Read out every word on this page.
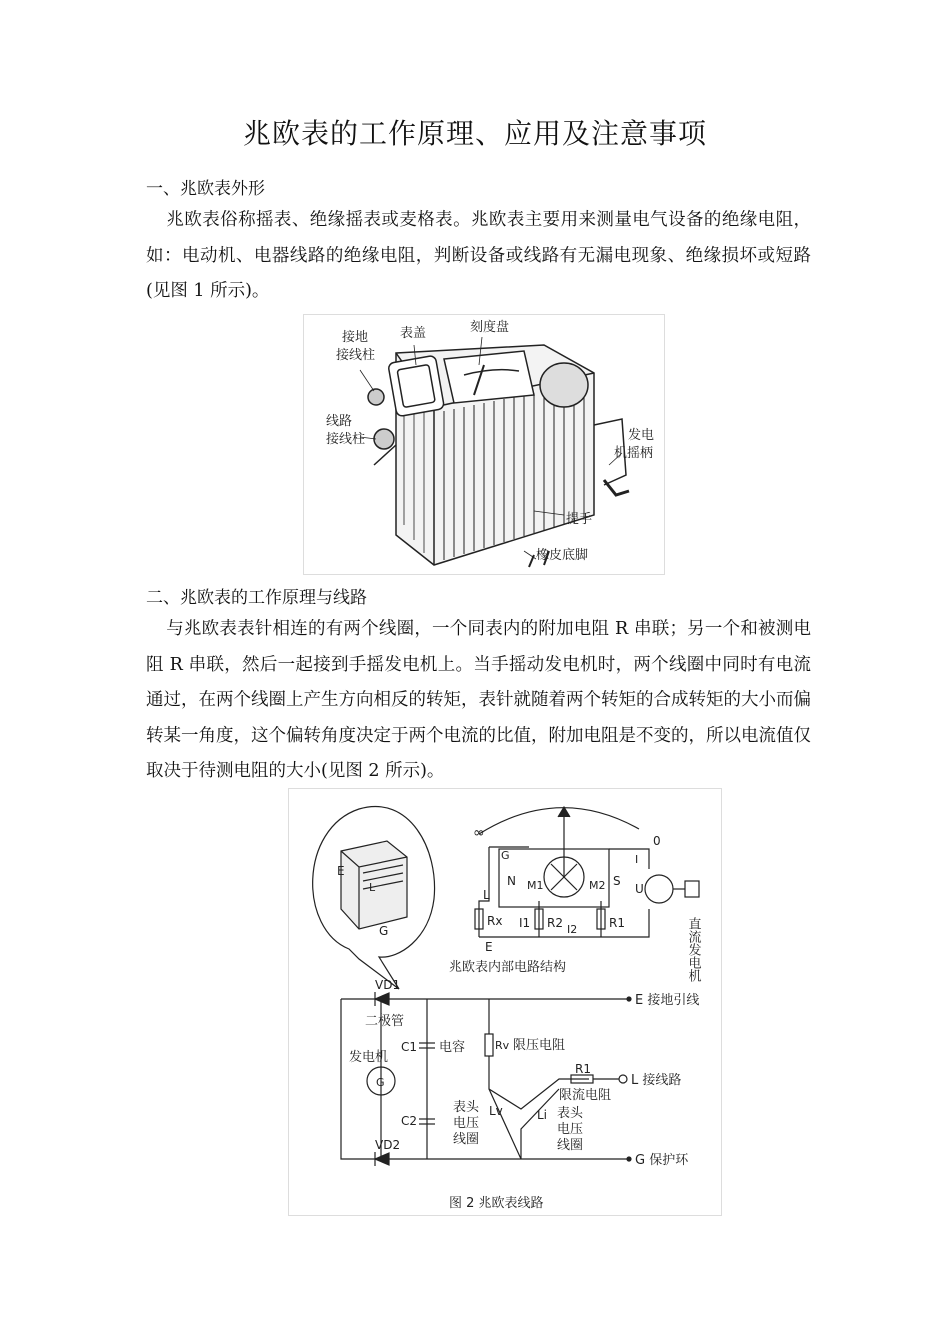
兆欧表的工作原理、应用及注意事项
一、兆欧表外形
兆欧表俗称摇表、绝缘摇表或麦格表。兆欧表主要用来测量电气设备的绝缘电阻，如：电动机、电器线路的绝缘电阻，判断设备或线路有无漏电现象、绝缘损坏或短路(见图 1 所示)。
接地
接线柱
表盖	刻度盘
线路
接线柱	发电
机摇柄
提手
橡皮底脚
二、兆欧表的工作原理与线路
与兆欧表表针相连的有两个线圈，一个同表内的附加电阻 R 串联；另一个和被测电阻 R 串联，然后一起接到手摇发电机上。当手摇动发电机时，两个线圈中同时有电流通过，在两个线圈上产生方向相反的转矩，表针就随着两个转矩的合成转矩的大小而偏转某一角度，这个偏转角度决定于两个电流的比值，附加电阻是不变的，所以电流值仅取决于待测电阻的大小(见图 2 所示)。
∞	0
G
N	S
M1	M2
I
U
L
Rx I1 R2 I2	R1
E	直流发电机
E
L
G
兆欧表内部电路结构
VD1
二极管
发电机
G
C1 电容
C2
VD2
Rv 限压电阻
R1
限流电阻
Lv	Li
表头
电压
线圈
表头
电压
线圈
E 接地引线
L 接线路
G 保护环
图 2 兆欧表线路
